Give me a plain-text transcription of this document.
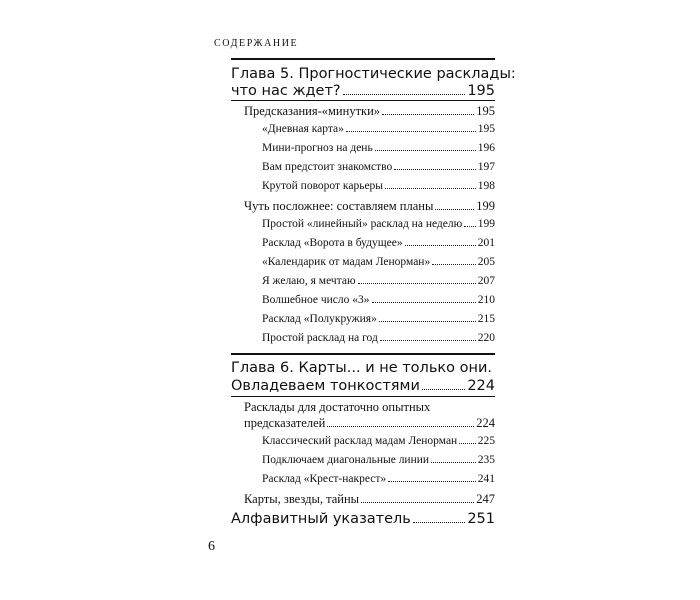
СОДЕРЖАНИЕ
Глава 5. Прогностические расклады:
что нас ждет?	195
Предсказания-«минутки»	195
«Дневная карта»	195
Мини-прогноз на день	196
Вам предстоит знакомство	197
Крутой поворот карьеры	198
Чуть посложнее: составляем планы	199
Простой «линейный» расклад на неделю 199
Расклад «Ворота в будущее»	201
«Календарик от мадам Ленорман»	205
Я желаю, я мечтаю	207
Волшебное число «3»	210
Расклад «Полукружия»	215
Простой расклад на год	220
Глава 6. Карты... и не только они.
Овладеваем тонкостями	224
Расклады для достаточно опытных
предсказателей	224
Классический расклад мадам Ленорман 225
Подключаем диагональные линии	235
Расклад «Крест-накрест»	241
Карты, звезды, тайны	247
Алфавитный указатель	251
6
